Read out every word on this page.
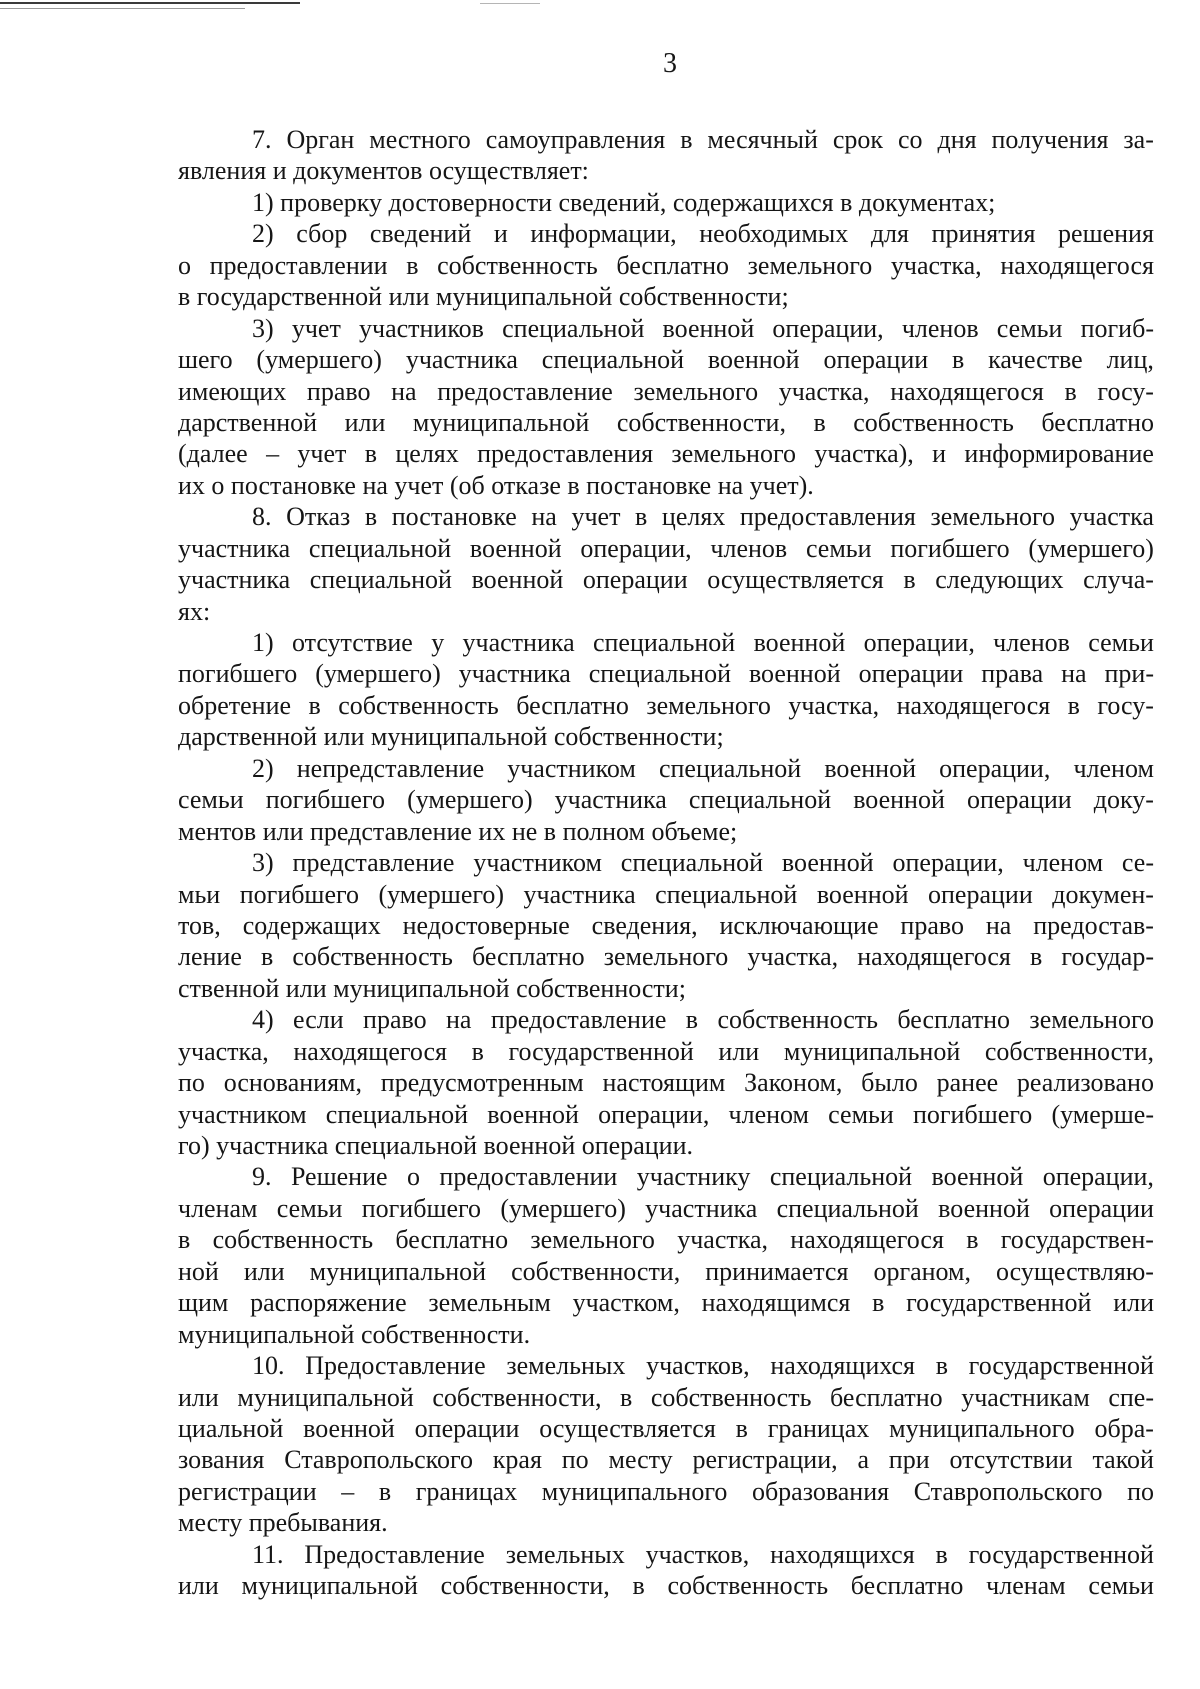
3
7. Орган местного самоуправления в месячный срок со дня получения за-
явления и документов осуществляет:
1) проверку достоверности сведений, содержащихся в документах;
2) сбор сведений и информации, необходимых для принятия решения
о предоставлении в собственность бесплатно земельного участка, находящегося
в государственной или муниципальной собственности;
3) учет участников специальной военной операции, членов семьи погиб-
шего (умершего) участника специальной военной операции в качестве лиц,
имеющих право на предоставление земельного участка, находящегося в госу-
дарственной или муниципальной собственности, в собственность бесплатно
(далее – учет в целях предоставления земельного участка), и информирование
их о постановке на учет (об отказе в постановке на учет).
8. Отказ в постановке на учет в целях предоставления земельного участка
участника специальной военной операции, членов семьи погибшего (умершего)
участника специальной военной операции осуществляется в следующих случа-
ях:
1) отсутствие у участника специальной военной операции, членов семьи
погибшего (умершего) участника специальной военной операции права на при-
обретение в собственность бесплатно земельного участка, находящегося в госу-
дарственной или муниципальной собственности;
2) непредставление участником специальной военной операции, членом
семьи погибшего (умершего) участника специальной военной операции доку-
ментов или представление их не в полном объеме;
3) представление участником специальной военной операции, членом се-
мьи погибшего (умершего) участника специальной военной операции докумен-
тов, содержащих недостоверные сведения, исключающие право на предостав-
ление в собственность бесплатно земельного участка, находящегося в государ-
ственной или муниципальной собственности;
4) если право на предоставление в собственность бесплатно земельного
участка, находящегося в государственной или муниципальной собственности,
по основаниям, предусмотренным настоящим Законом, было ранее реализовано
участником специальной военной операции, членом семьи погибшего (умерше-
го) участника специальной военной операции.
9. Решение о предоставлении участнику специальной военной операции,
членам семьи погибшего (умершего) участника специальной военной операции
в собственность бесплатно земельного участка, находящегося в государствен-
ной или муниципальной собственности, принимается органом, осуществляю-
щим распоряжение земельным участком, находящимся в государственной или
муниципальной собственности.
10. Предоставление земельных участков, находящихся в государственной
или муниципальной собственности, в собственность бесплатно участникам спе-
циальной военной операции осуществляется в границах муниципального обра-
зования Ставропольского края по месту регистрации, а при отсутствии такой
регистрации – в границах муниципального образования Ставропольского по
месту пребывания.
11. Предоставление земельных участков, находящихся в государственной
или муниципальной собственности, в собственность бесплатно членам семьи
